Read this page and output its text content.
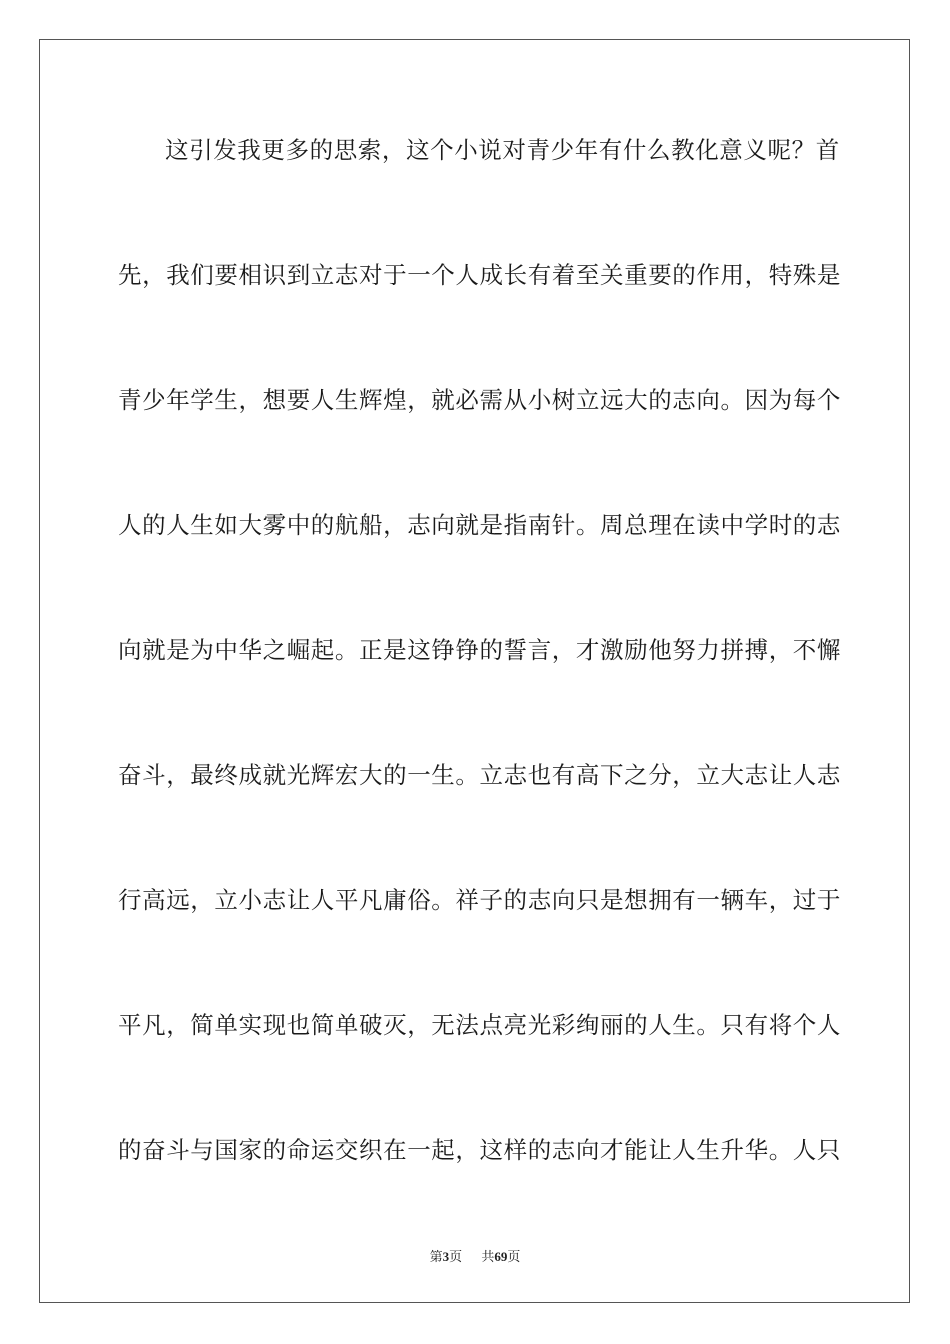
这引发我更多的思索，这个小说对青少年有什么教化意义呢？首
先，我们要相识到立志对于一个人成长有着至关重要的作用，特殊是
青少年学生，想要人生辉煌，就必需从小树立远大的志向。因为每个
人的人生如大雾中的航船，志向就是指南针。周总理在读中学时的志
向就是为中华之崛起。正是这铮铮的誓言，才激励他努力拼搏，不懈
奋斗，最终成就光辉宏大的一生。立志也有高下之分，立大志让人志
行高远，立小志让人平凡庸俗。祥子的志向只是想拥有一辆车，过于
平凡，简单实现也简单破灭，无法点亮光彩绚丽的人生。只有将个人
的奋斗与国家的命运交织在一起，这样的志向才能让人生升华。人只
第3页 共69页
